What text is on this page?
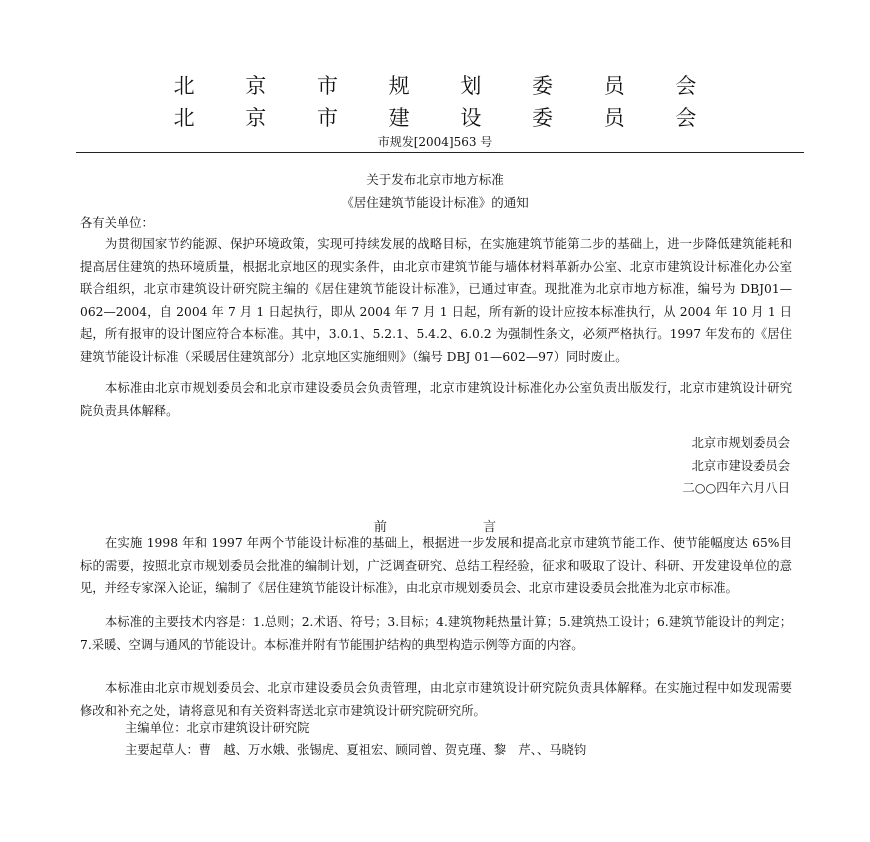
北 京 市 规 划 委 员 会
北 京 市 建 设 委 员 会
市规发[2004]563 号
关于发布北京市地方标准
《居住建筑节能设计标准》的通知

各有关单位：

为贯彻国家节约能源、保护环境政策，实现可持续发展的战略目标，在实施建筑节能第二步的基础上，进一步降低建筑能耗和提高居住建筑的热环境质量，根据北京地区的现实条件，由北京市建筑节能与墙体材料革新办公室、北京市建筑设计标准化办公室联合组织，北京市建筑设计研究院主编的《居住建筑节能设计标准》，已通过审查。现批准为北京市地方标准，编号为 DBJ01—062—2004，自 2004 年 7 月 1 日起执行，即从 2004 年 7 月 1 日起，所有新的设计应按本标准执行，从 2004 年 10 月 1 日起，所有报审的设计图应符合本标准。其中，3.0.1、5.2.1、5.4.2、6.0.2 为强制性条文，必须严格执行。1997 年发布的《居住建筑节能设计标准（采暖居住建筑部分）北京地区实施细则》（编号 DBJ 01—602—97）同时废止。

本标准由北京市规划委员会和北京市建设委员会负责管理，北京市建筑设计标准化办公室负责出版发行，北京市建筑设计研究院负责具体解释。

北京市规划委员会
北京市建设委员会
二○○四年六月八日
前 言

在实施 1998 年和 1997 年两个节能设计标准的基础上，根据进一步发展和提高北京市建筑节能工作、使节能幅度达 65%目标的需要，按照北京市规划委员会批准的编制计划，广泛调查研究、总结工程经验，征求和吸取了设计、科研、开发建设单位的意见，并经专家深入论证，编制了《居住建筑节能设计标准》，由北京市规划委员会、北京市建设委员会批准为北京市标准。

本标准的主要技术内容是：1.总则；2.术语、符号；3.目标；4.建筑物耗热量计算；5.建筑热工设计；6.建筑节能设计的判定；7.采暖、空调与通风的节能设计。本标准并附有节能围护结构的典型构造示例等方面的内容。

本标准由北京市规划委员会、北京市建设委员会负责管理，由北京市建筑设计研究院负责具体解释。在实施过程中如发现需要修改和补充之处，请将意见和有关资料寄送北京市建筑设计研究院研究所。

主编单位：北京市建筑设计研究院
主要起草人：曹　越、万水娥、张锡虎、夏祖宏、顾同曾、贺克瑾、黎　芹、、马晓钧
